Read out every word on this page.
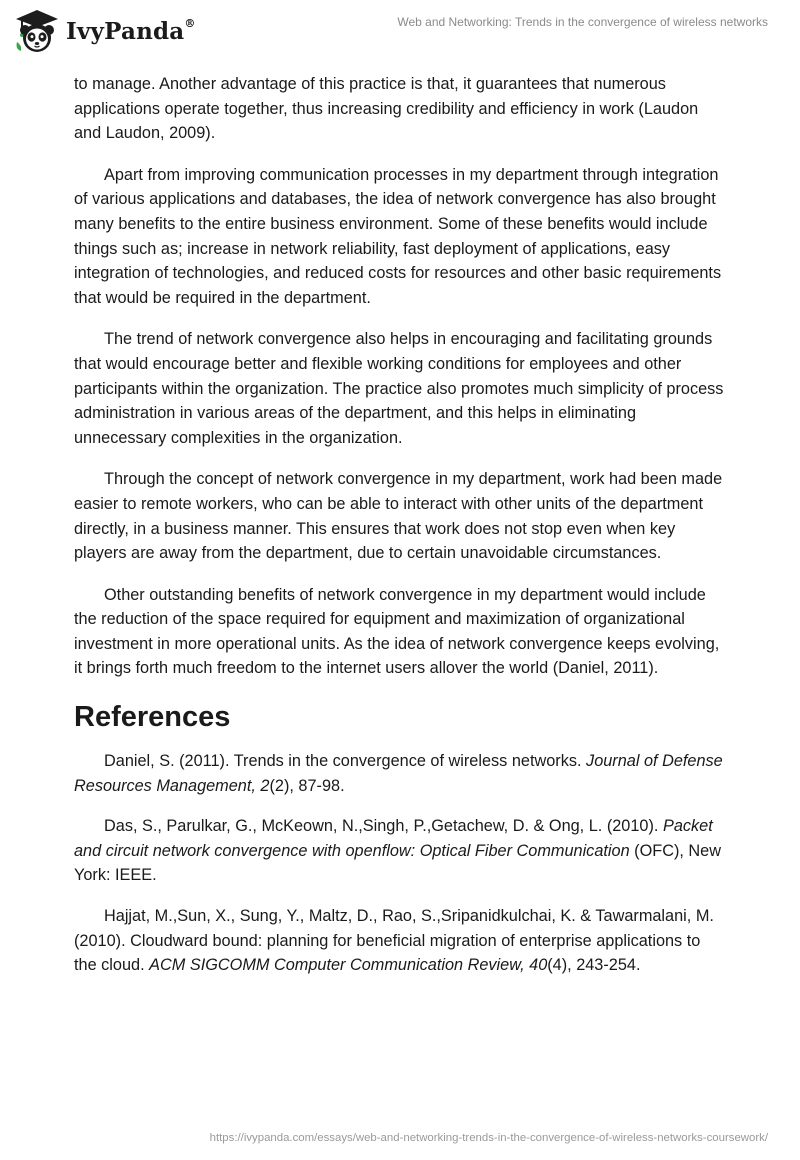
IvyPanda®	Web and Networking: Trends in the convergence of wireless networks

to manage. Another advantage of this practice is that, it guarantees that numerous applications operate together, thus increasing credibility and efficiency in work (Laudon and Laudon, 2009).

Apart from improving communication processes in my department through integration of various applications and databases, the idea of network convergence has also brought many benefits to the entire business environment. Some of these benefits would include things such as; increase in network reliability, fast deployment of applications, easy integration of technologies, and reduced costs for resources and other basic requirements that would be required in the department.

The trend of network convergence also helps in encouraging and facilitating grounds that would encourage better and flexible working conditions for employees and other participants within the organization. The practice also promotes much simplicity of process administration in various areas of the department, and this helps in eliminating unnecessary complexities in the organization.

Through the concept of network convergence in my department, work had been made easier to remote workers, who can be able to interact with other units of the department directly, in a business manner. This ensures that work does not stop even when key players are away from the department, due to certain unavoidable circumstances.

Other outstanding benefits of network convergence in my department would include the reduction of the space required for equipment and maximization of organizational investment in more operational units. As the idea of network convergence keeps evolving, it brings forth much freedom to the internet users allover the world (Daniel, 2011).

References

Daniel, S. (2011). Trends in the convergence of wireless networks. Journal of Defense Resources Management, 2(2), 87-98.

Das, S., Parulkar, G., McKeown, N.,Singh, P.,Getachew, D. & Ong, L. (2010). Packet and circuit network convergence with openflow: Optical Fiber Communication (OFC), New York: IEEE.

Hajjat, M.,Sun, X., Sung, Y., Maltz, D., Rao, S.,Sripanidkulchai, K. & Tawarmalani, M. (2010). Cloudward bound: planning for beneficial migration of enterprise applications to the cloud. ACM SIGCOMM Computer Communication Review, 40(4), 243-254.

https://ivypanda.com/essays/web-and-networking-trends-in-the-convergence-of-wireless-networks-coursework/
